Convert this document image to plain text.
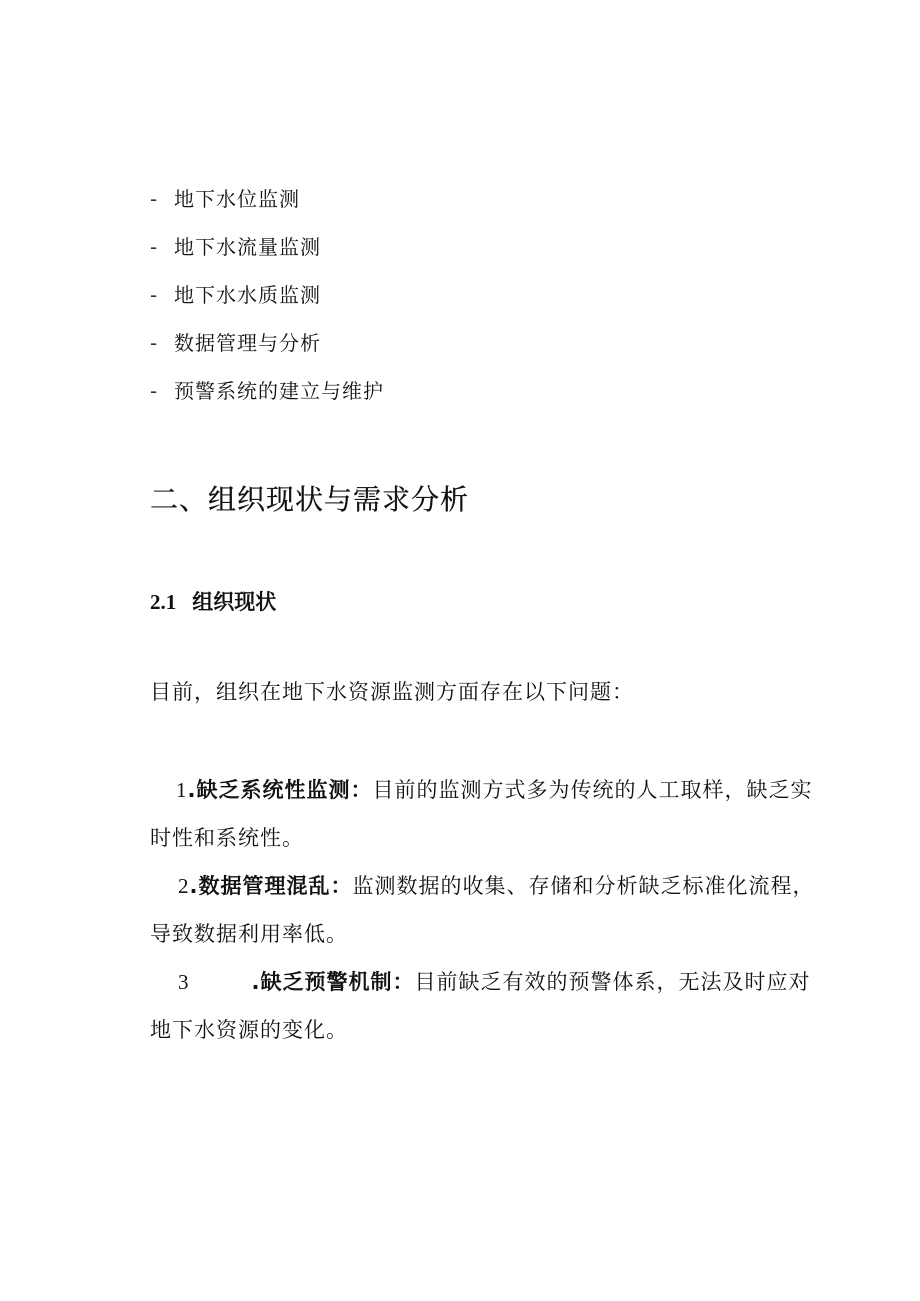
- 地下水位监测
- 地下水流量监测
- 地下水水质监测
- 数据管理与分析
- 预警系统的建立与维护
二、组织现状与需求分析
2.1 组织现状
目前，组织在地下水资源监测方面存在以下问题：
1.缺乏系统性监测：目前的监测方式多为传统的人工取样，缺乏实时性和系统性。
2.数据管理混乱：监测数据的收集、存储和分析缺乏标准化流程，导致数据利用率低。
3	.缺乏预警机制：目前缺乏有效的预警体系，无法及时应对地下水资源的变化。
